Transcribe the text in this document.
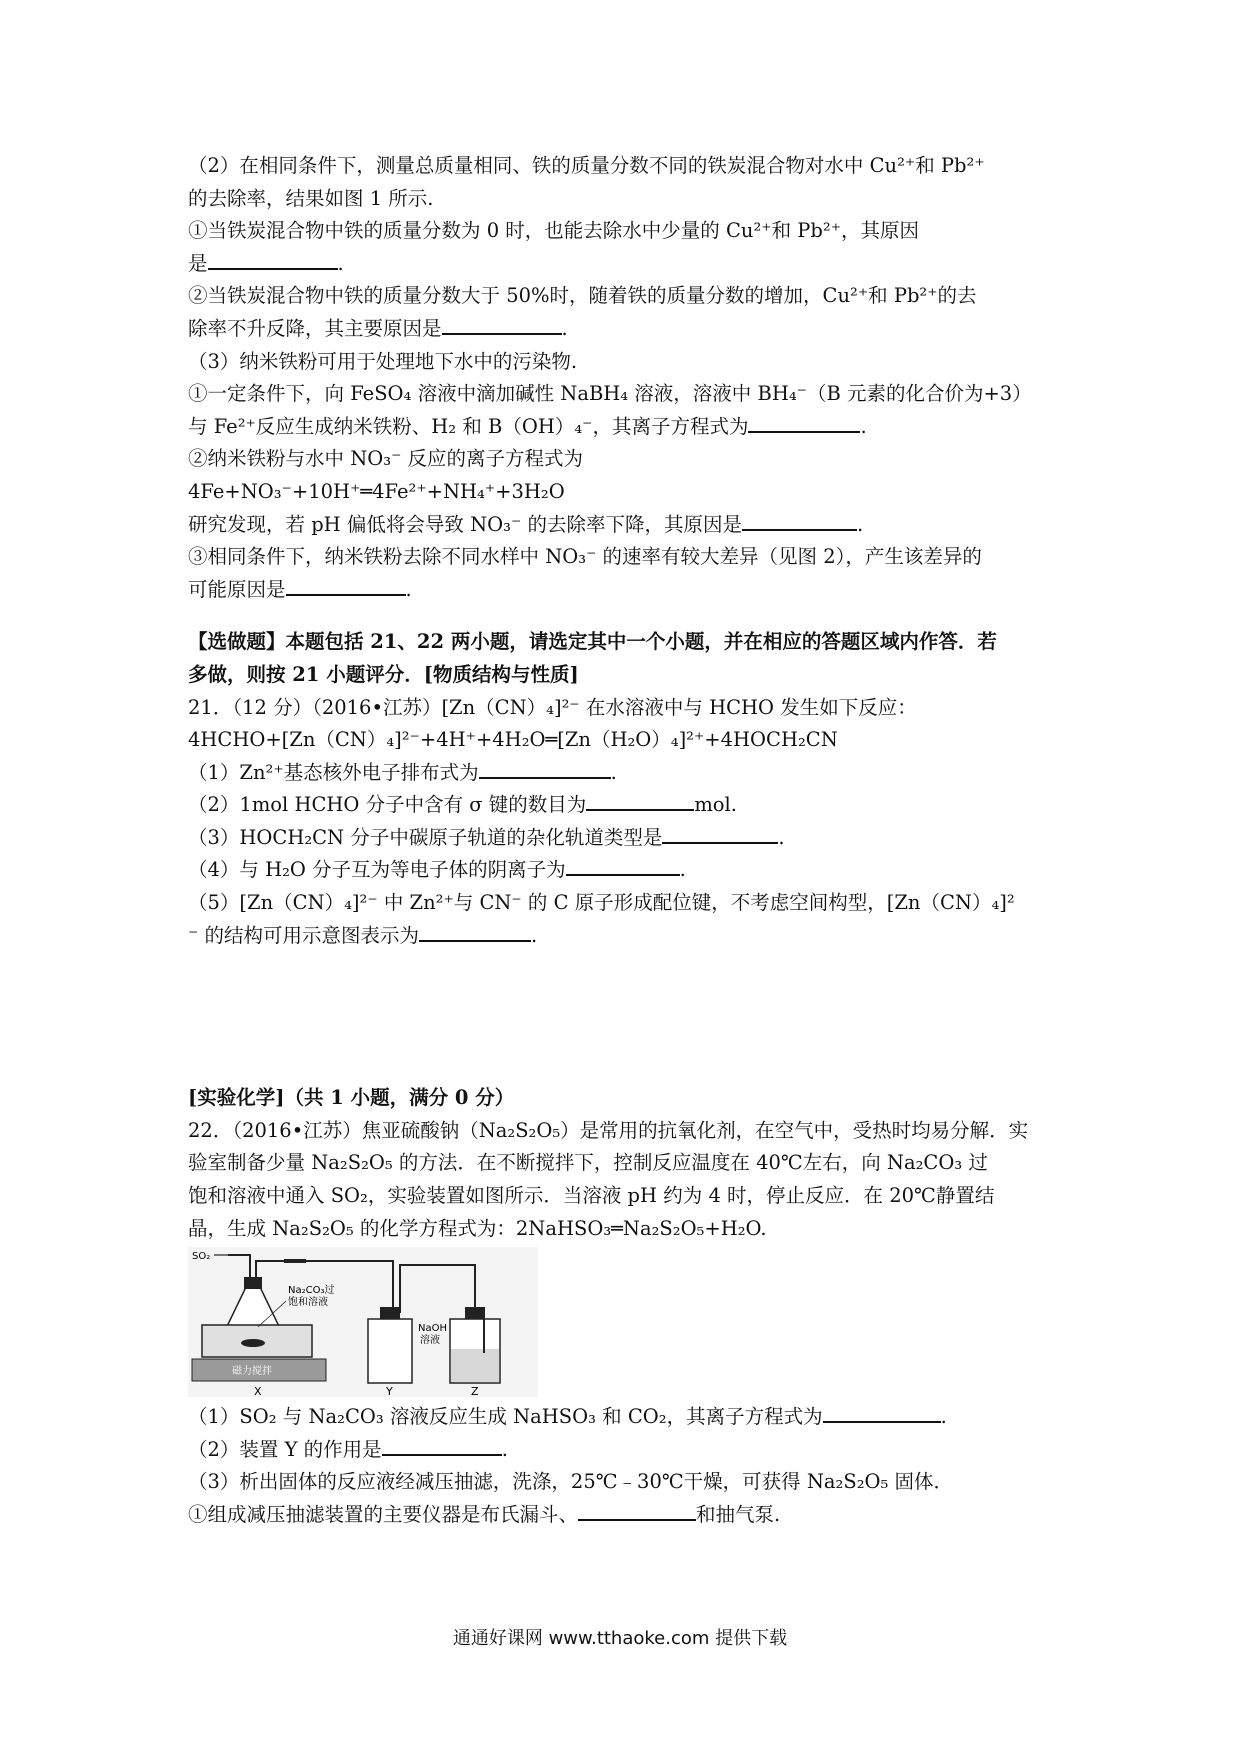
（2）在相同条件下，测量总质量相同、铁的质量分数不同的铁炭混合物对水中 Cu²⁺和 Pb²⁺
的去除率，结果如图 1 所示.
①当铁炭混合物中铁的质量分数为 0 时，也能去除水中少量的 Cu²⁺和 Pb²⁺，其原因
是	.
②当铁炭混合物中铁的质量分数大于 50%时，随着铁的质量分数的增加，Cu²⁺和 Pb²⁺的去
除率不升反降，其主要原因是	.
（3）纳米铁粉可用于处理地下水中的污染物.
①一定条件下，向 FeSO₄ 溶液中滴加碱性 NaBH₄ 溶液，溶液中 BH₄⁻（B 元素的化合价为+3）
与 Fe²⁺反应生成纳米铁粉、H₂ 和 B（OH）₄⁻，其离子方程式为	.
②纳米铁粉与水中 NO₃⁻ 反应的离子方程式为
4Fe+NO₃⁻+10H⁺═4Fe²⁺+NH₄⁺+3H₂O
研究发现，若 pH 偏低将会导致 NO₃⁻ 的去除率下降，其原因是	.
③相同条件下，纳米铁粉去除不同水样中 NO₃⁻ 的速率有较大差异（见图 2），产生该差异的
可能原因是	.
【选做题】本题包括 21、22 两小题，请选定其中一个小题，并在相应的答题区域内作答．若
多做，则按 21 小题评分．[物质结构与性质]
21．（12 分）（2016•江苏）[Zn（CN）₄]²⁻ 在水溶液中与 HCHO 发生如下反应：
4HCHO+[Zn（CN）₄]²⁻+4H⁺+4H₂O═[Zn（H₂O）₄]²⁺+4HOCH₂CN
（1）Zn²⁺基态核外电子排布式为	.
（2）1mol HCHO 分子中含有 σ 键的数目为	mol.
（3）HOCH₂CN 分子中碳原子轨道的杂化轨道类型是	.
（4）与 H₂O 分子互为等电子体的阴离子为	.
（5）[Zn（CN）₄]²⁻ 中 Zn²⁺与 CN⁻ 的 C 原子形成配位键，不考虑空间构型，[Zn（CN）₄]²
⁻ 的结构可用示意图表示为	.
[实验化学]（共 1 小题，满分 0 分）
22．（2016•江苏）焦亚硫酸钠（Na₂S₂O₅）是常用的抗氧化剂，在空气中，受热时均易分解．实
验室制备少量 Na₂S₂O₅ 的方法．在不断搅拌下，控制反应温度在 40℃左右，向 Na₂CO₃ 过
饱和溶液中通入 SO₂，实验装置如图所示．当溶液 pH 约为 4 时，停止反应．在 20℃静置结
晶，生成 Na₂S₂O₅ 的化学方程式为：2NaHSO₃═Na₂S₂O₅+H₂O.
SO₂
磁力搅拌
Na₂CO₃过
饱和溶液
NaOH
溶液
X	Y	Z
（1）SO₂ 与 Na₂CO₃ 溶液反应生成 NaHSO₃ 和 CO₂，其离子方程式为	.
（2）装置 Y 的作用是	.
（3）析出固体的反应液经减压抽滤，洗涤，25℃﹣30℃干燥，可获得 Na₂S₂O₅ 固体．
①组成减压抽滤装置的主要仪器是布氏漏斗、	和抽气泵.
通通好课网 www.tthaoke.com 提供下载
